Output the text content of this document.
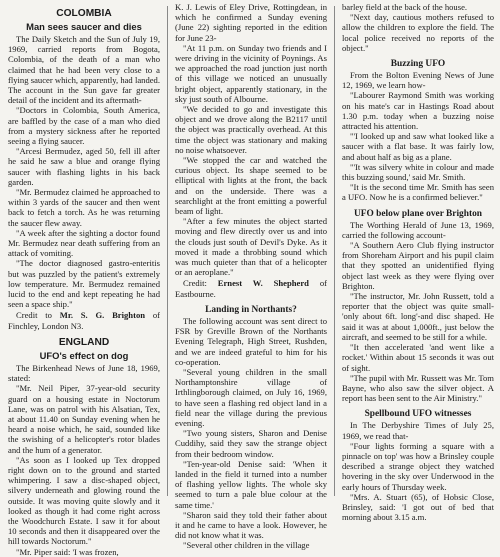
COLOMBIA
Man sees saucer and dies

The Daily Sketch and the Sun of July 19, 1969, carried reports from Bogota, Colombia, of the death of a man who claimed that he had been very close to a flying saucer which, apparently, had landed. The account in the Sun gave far greater detail of the incident and its aftermath-

"Doctors in Colombia, South America, are baffled by the case of a man who died from a mystery sickness after he reported seeing a flying saucer.

"Arcesi Bermudez, aged 50, fell ill after he said he saw a blue and orange flying saucer with flashing lights in his back garden.

"Mr. Bermudez claimed he approached to within 3 yards of the saucer and then went back to fetch a torch. As he was returning the saucer flew away.

"A week after the sighting a doctor found Mr. Bermudez near death suffering from an attack of vomiting.

"The doctor diagnosed gastro-enteritis but was puzzled by the patient's extremely low temperature. Mr. Bermudez remained lucid to the end and kept repeating he had seen a space ship."

Credit to Mr. S. G. Brighton of Finchley, London N3.

ENGLAND
UFO's effect on dog

The Birkenhead News of June 18, 1969, stated:

"Mr. Neil Piper, 37-year-old security guard on a housing estate in Noctorum Lane, was on patrol with his Alsatian, Tex, at about 11.40 on Sunday evening when he heard a noise which, he said, sounded like the swishing of a helicopter's rotor blades and the hum of a generator.

"As soon as I looked up Tex dropped right down on to the ground and started whimpering. I saw a disc-shaped object, silvery underneath and glowing round the outside. It was moving quite slowly and it looked as though it had come right across the Woodchurch Estate. I saw it for about 10 seconds and then it disappeared over the hill towards Noctorum."

"Mr. Piper said: 'I was frozen,

K. J. Lewis of Eley Drive, Rottingdean, in which he confirmed a Sunday evening (June 22) sighting reported in the edition for June 23-

"At 11 p.m. on Sunday two friends and I were driving in the vicinity of Poynings. As we approached the road junction just north of this village we noticed an unusually bright object, apparently stationary, in the sky just south of Albourne.

"We decided to go and investigate this object and we drove along the B2117 until the object was practically overhead. At this time the object was stationary and making no noise whatsoever.

"We stopped the car and watched the curious object. Its shape seemed to be elliptical with lights at the front, the back and on the underside. There was a searchlight at the front emitting a powerful beam of light.

"After a few minutes the object started moving and flew directly over us and into the clouds just south of Devil's Dyke. As it moved it made a throbbing sound which was much quieter than that of a helicopter or an aeroplane."

Credit: Ernest W. Shepherd of Eastbourne.

Landing in Northants?

The following account was sent direct to FSR by Greville Brown of the Northants Evening Telegraph, High Street, Rushden, and we are indeed grateful to him for his co-operation.

"Several young children in the small Northamptonshire village of Irthlingborough claimed, on July 16, 1969, to have seen a flashing red object land in a field near the village during the previous evening.

"Two young sisters, Sharon and Denise Cuddihy, said they saw the strange object from their bedroom window.

"Ten-year-old Denise said: 'When it landed in the field it turned into a number of flashing yellow lights. The whole sky seemed to turn a pale blue colour at the same time.'

"Sharon said they told their father about it and he came to have a look. However, he did not know what it was.

"Several other children in the village

barley field at the back of the house.

"Next day, cautious mothers refused to allow the children to explore the field. The local police received no reports of the object."

Buzzing UFO

From the Bolton Evening News of June 12, 1969, we learn how-

"Labourer Raymond Smith was working on his mate's car in Hastings Road about 1.30 p.m. today when a buzzing noise attracted his attention.

"'I looked up and saw what looked like a saucer with a flat base. It was fairly low, and about half as big as a plane.

"'It was silvery white in colour and made this buzzing sound,' said Mr. Smith.

"It is the second time Mr. Smith has seen a UFO. Now he is a confirmed believer."

UFO below plane over Brighton

The Worthing Herald of June 13, 1969, carried the following account-

"A Southern Aero Club flying instructor from Shoreham Airport and his pupil claim that they spotted an unidentified flying object last week as they were flying over Brighton.

"The instructor, Mr. John Russett, told a reporter that the object was quite small-'only about 6ft. long'-and disc shaped. He said it was at about 1,000ft., just below the aircraft, and seemed to be still for a while.

"It then accelerated 'and went like a rocket.' Within about 15 seconds it was out of sight.

"The pupil with Mr. Russett was Mr. Tom Bayne, who also saw the silver object. A report has been sent to the Air Ministry."

Spellbound UFO witnesses

In The Derbyshire Times of July 25, 1969, we read that-

"Four lights forming a square with a pinnacle on top' was how a Brinsley couple described a strange object they watched hovering in the sky over Underwood in the early hours of Thursday week.

"Mrs. A. Stuart (65), of Hobsic Close, Brinsley, said: 'I got out of bed that morning about 3.15 a.m.
